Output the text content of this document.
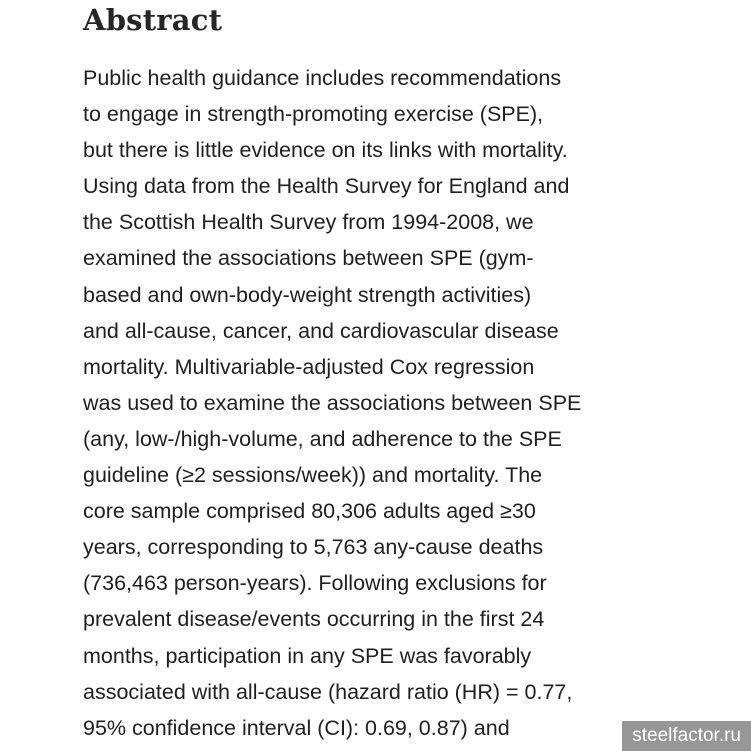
Abstract

Public health guidance includes recommendations
to engage in strength-promoting exercise (SPE),
but there is little evidence on its links with mortality.
Using data from the Health Survey for England and
the Scottish Health Survey from 1994-2008, we
examined the associations between SPE (gym-
based and own-body-weight strength activities)
and all-cause, cancer, and cardiovascular disease
mortality. Multivariable-adjusted Cox regression
was used to examine the associations between SPE
(any, low-/high-volume, and adherence to the SPE
guideline (≥2 sessions/week)) and mortality. The
core sample comprised 80,306 adults aged ≥30
years, corresponding to 5,763 any-cause deaths
(736,463 person-years). Following exclusions for
prevalent disease/events occurring in the first 24
months, participation in any SPE was favorably
associated with all-cause (hazard ratio (HR) = 0.77,
95% confidence interval (CI): 0.69, 0.87) and	steelfactor.ru
